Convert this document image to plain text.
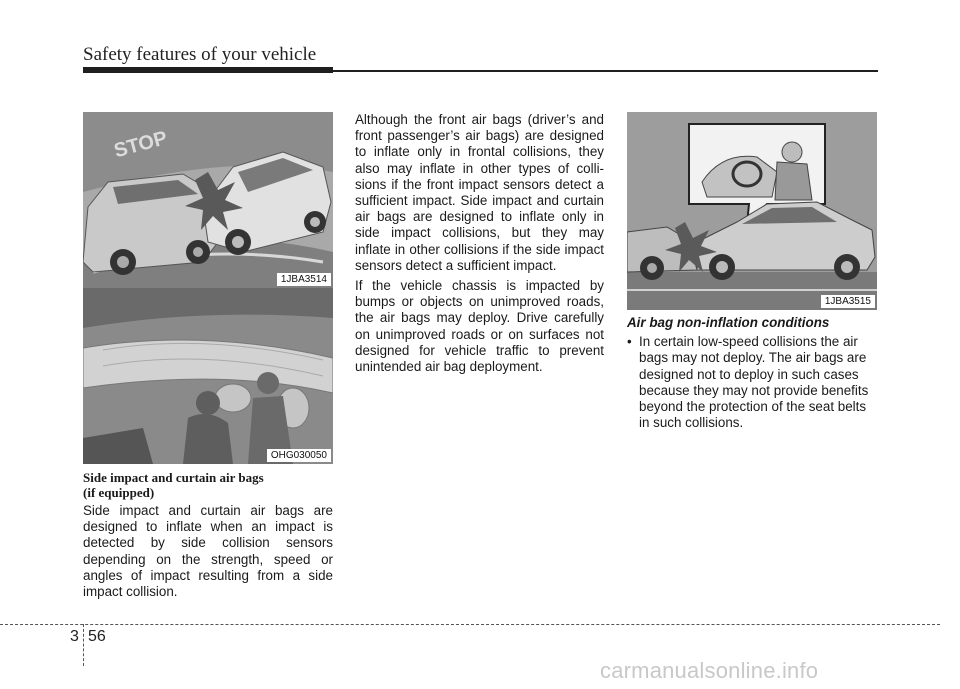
Safety features of your vehicle
STOP
1JBA3514
OHG030050
1JBA3515
Side impact and curtain air bags
(if equipped)

Side impact and curtain air bags are designed to inflate when an impact is detected by side collision sensors depending on the strength, speed or angles of impact resulting from a side impact collision.

Although the front air bags (driver’s and front passenger’s air bags) are designed to inflate only in frontal collisions, they also may inflate in other types of colli-sions if the front impact sensors detect a sufficient impact. Side impact and curtain air bags are designed to inflate only in side impact collisions, but they may inflate in other collisions if the side impact sensors detect a sufficient impact.

If the vehicle chassis is impacted by bumps or objects on unimproved roads, the air bags may deploy. Drive carefully on unimproved roads or on surfaces not designed for vehicle traffic to prevent unintended air bag deployment.

Air bag non-inflation conditions
• In certain low-speed collisions the air bags may not deploy. The air bags are designed not to deploy in such cases because they may not provide benefits beyond the protection of the seat belts in such collisions.
3 56
carmanualsonline.info
